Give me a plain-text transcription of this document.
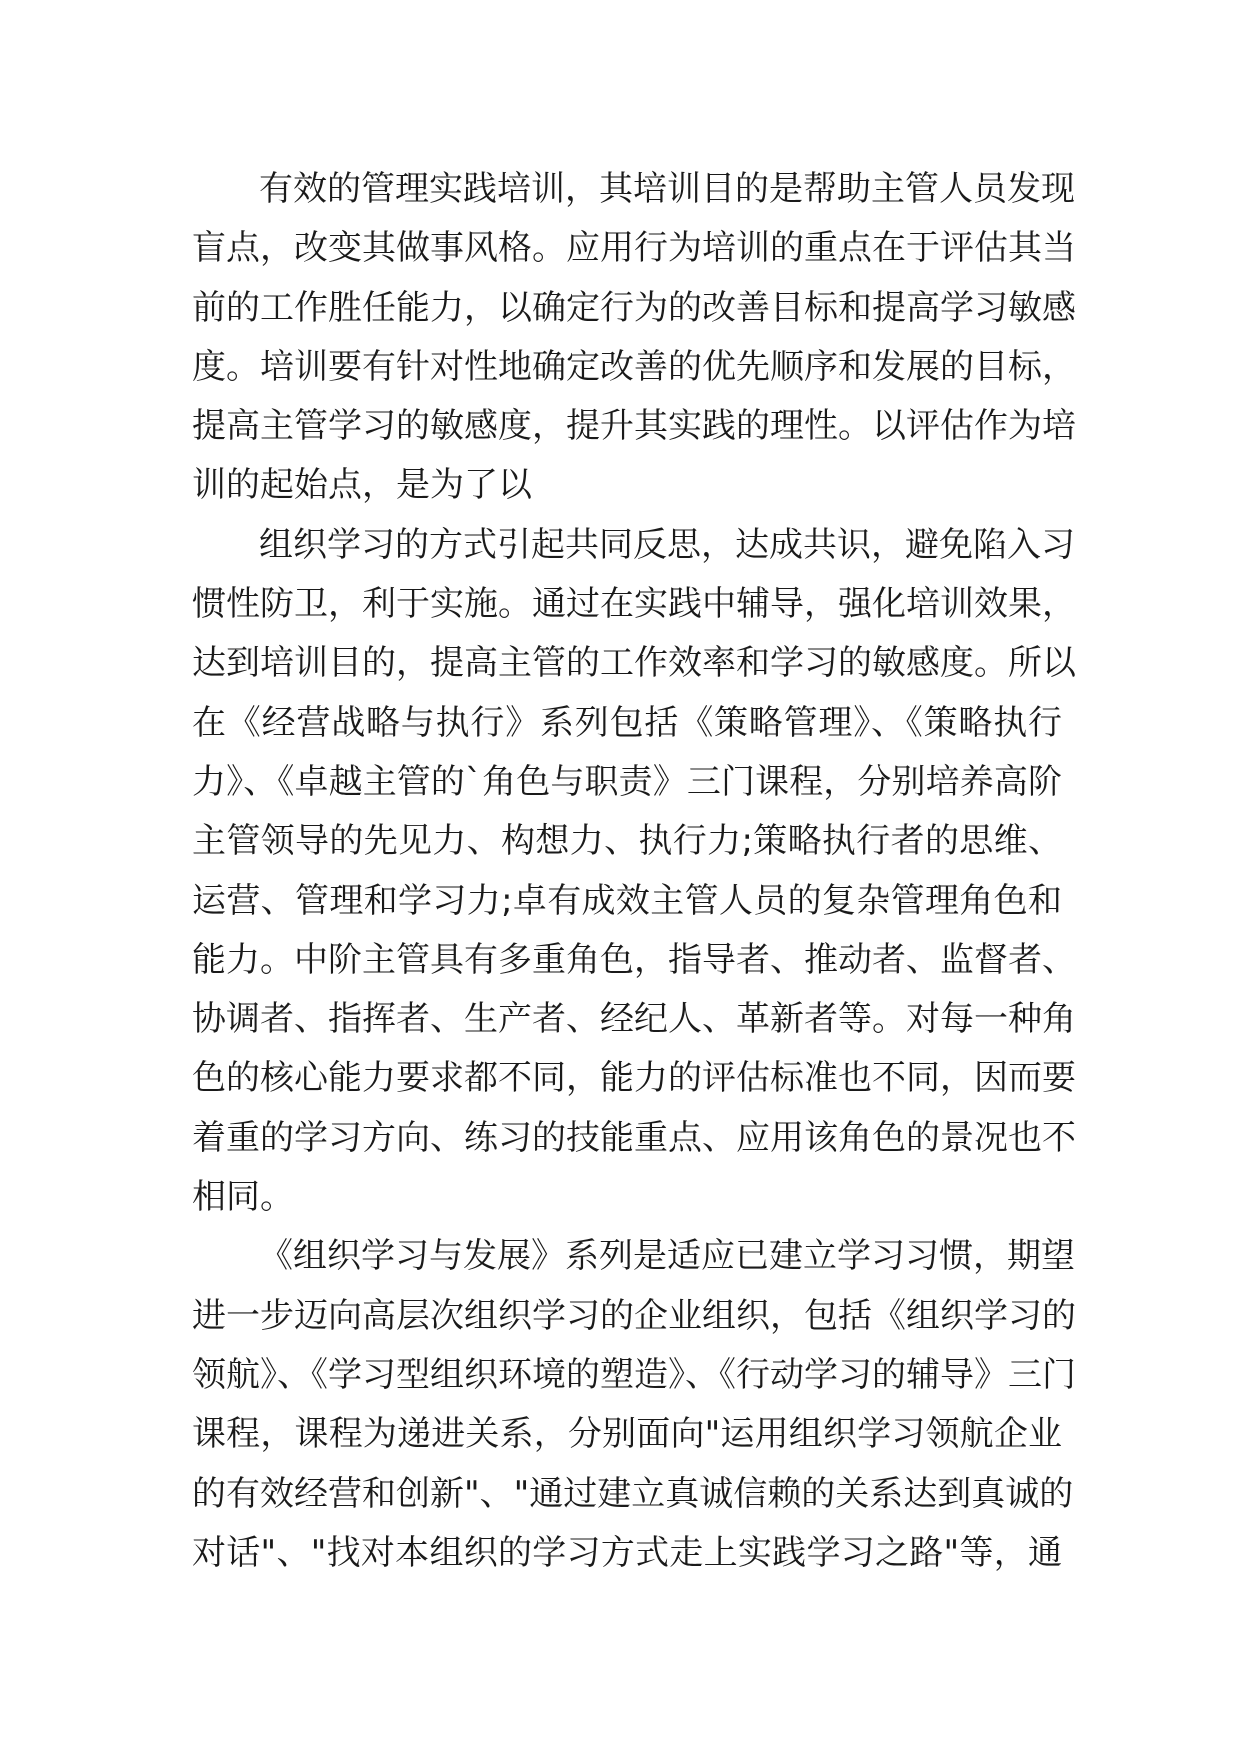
有效的管理实践培训，其培训目的是帮助主管人员发现
盲点，改变其做事风格。应用行为培训的重点在于评估其当
前的工作胜任能力，以确定行为的改善目标和提高学习敏感
度。培训要有针对性地确定改善的优先顺序和发展的目标，
提高主管学习的敏感度，提升其实践的理性。以评估作为培
训的起始点，是为了以
组织学习的方式引起共同反思，达成共识，避免陷入习
惯性防卫，利于实施。通过在实践中辅导，强化培训效果，
达到培训目的，提高主管的工作效率和学习的敏感度。所以
在《经营战略与执行》系列包括《策略管理》、《策略执行
力》、《卓越主管的`角色与职责》三门课程，分别培养高阶
主管领导的先见力、构想力、执行力;策略执行者的思维、
运营、管理和学习力;卓有成效主管人员的复杂管理角色和
能力。中阶主管具有多重角色，指导者、推动者、监督者、
协调者、指挥者、生产者、经纪人、革新者等。对每一种角
色的核心能力要求都不同，能力的评估标准也不同，因而要
着重的学习方向、练习的技能重点、应用该角色的景况也不
相同。
《组织学习与发展》系列是适应已建立学习习惯，期望
进一步迈向高层次组织学习的企业组织，包括《组织学习的
领航》、《学习型组织环境的塑造》、《行动学习的辅导》三门
课程，课程为递进关系，分别面向"运用组织学习领航企业
的有效经营和创新"、"通过建立真诚信赖的关系达到真诚的
对话"、"找对本组织的学习方式走上实践学习之路"等，通
